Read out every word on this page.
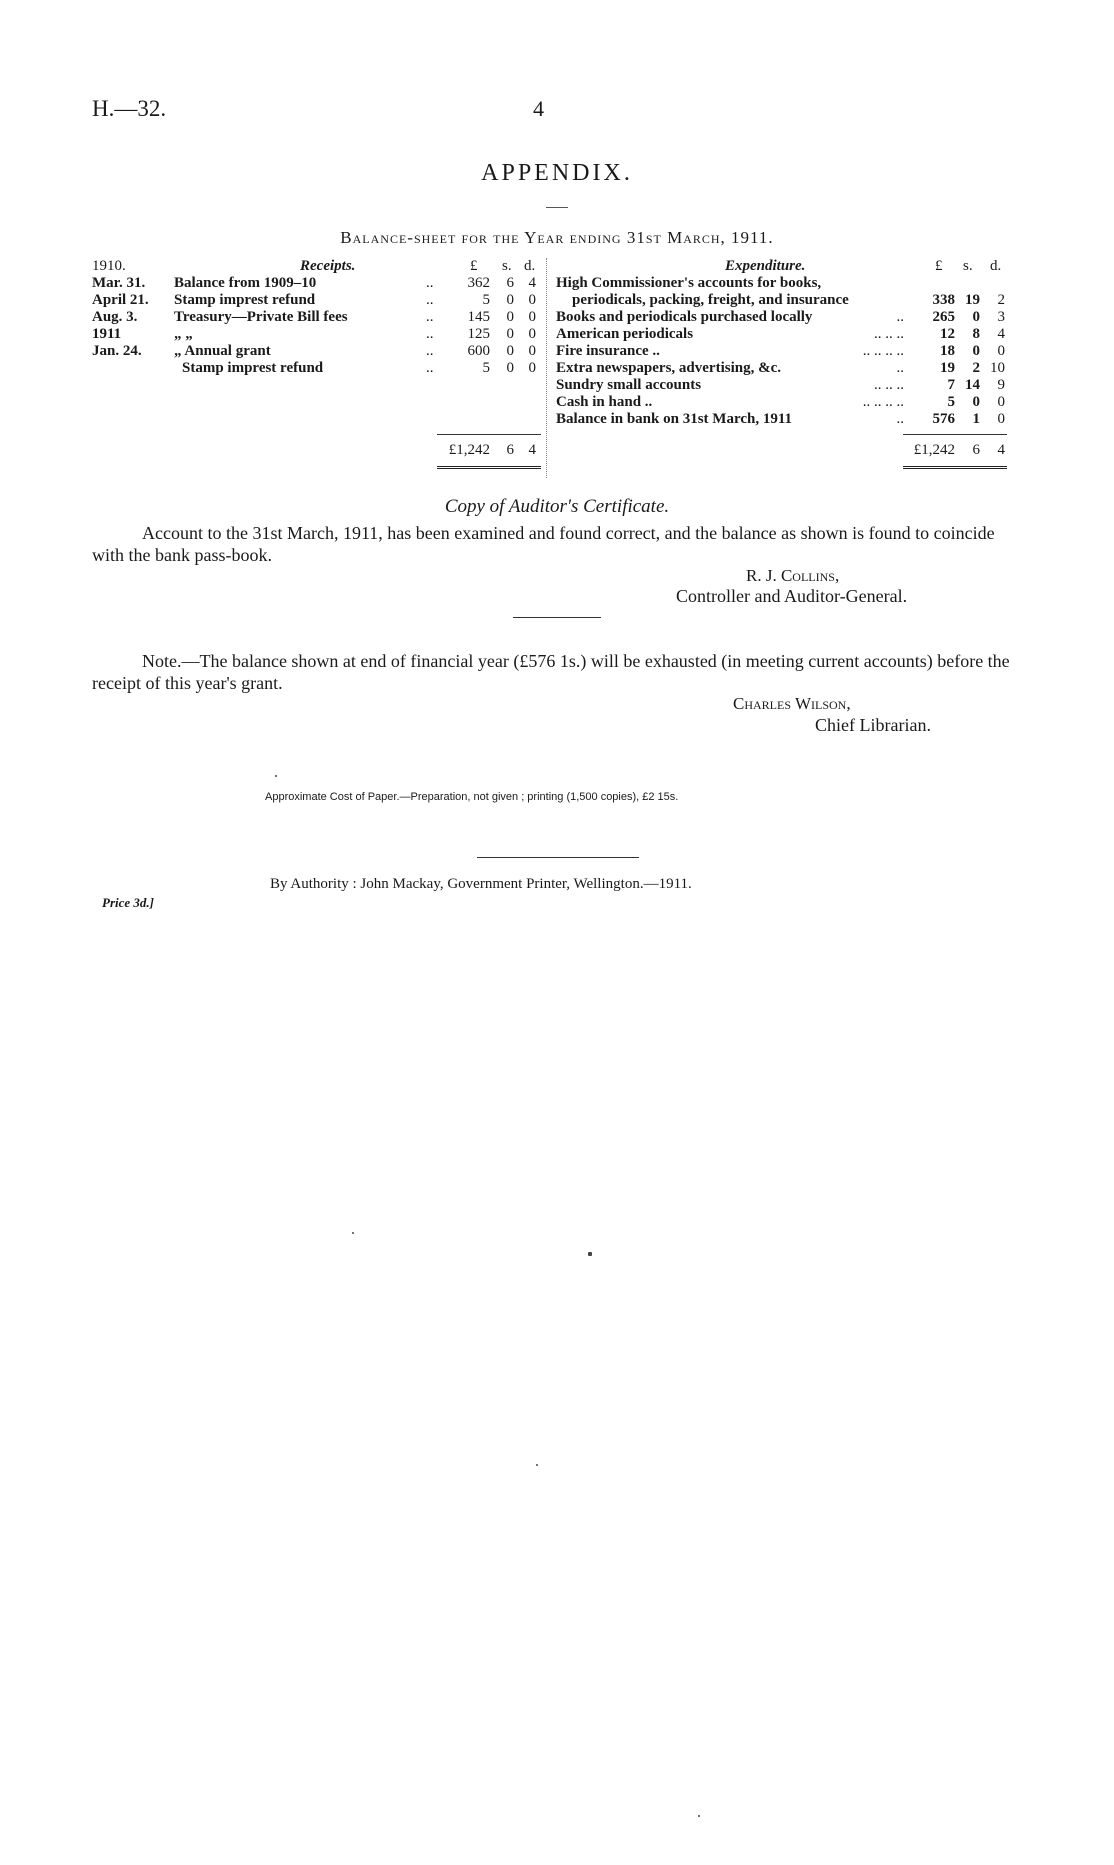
H.—32.	4
APPENDIX.
Balance-sheet for the Year ending 31st March, 1911.
1910.	Receipts.	£ s. d.
Mar. 31. Balance from 1909–10	..	362	6 4
April 21. Stamp imprest refund	..	5	0 0
Aug. 3. Treasury—Private Bill fees	..	145	0 0
1911	„ „	..	125	0 0
Jan. 24. „ Annual grant	..	600	0 0
Stamp imprest refund	..	5	0 0
Expenditure.	£ s. d.
High Commissioner's accounts for books,
periodicals, packing, freight, and insurance	338 19	2
Books and periodicals purchased locally	..	265	0	3
American periodicals	.. .. ..	12	8	4
Fire insurance ..	.. .. .. ..	18	0	0
Extra newspapers, advertising, &c.	..	19	2 10
Sundry small accounts	.. .. ..	7 14	9
Cash in hand ..	.. .. .. ..	5	0	0
Balance in bank on 31st March, 1911	..	576	1	0
£1,242	6 4	£1,242	6	4
Copy of Auditor's Certificate.
Account to the 31st March, 1911, has been examined and found correct, and the balance as shown is found to coincide with the bank pass-book.
R. J. Collins,
Controller and Auditor-General.
Note.—The balance shown at end of financial year (£576 1s.) will be exhausted (in meeting current accounts) before the receipt of this year's grant.
Charles Wilson,
Chief Librarian.
Approximate Cost of Paper.—Preparation, not given ; printing (1,500 copies), £2 15s.
By Authority : John Mackay, Government Printer, Wellington.—1911.
Price 3d.]
